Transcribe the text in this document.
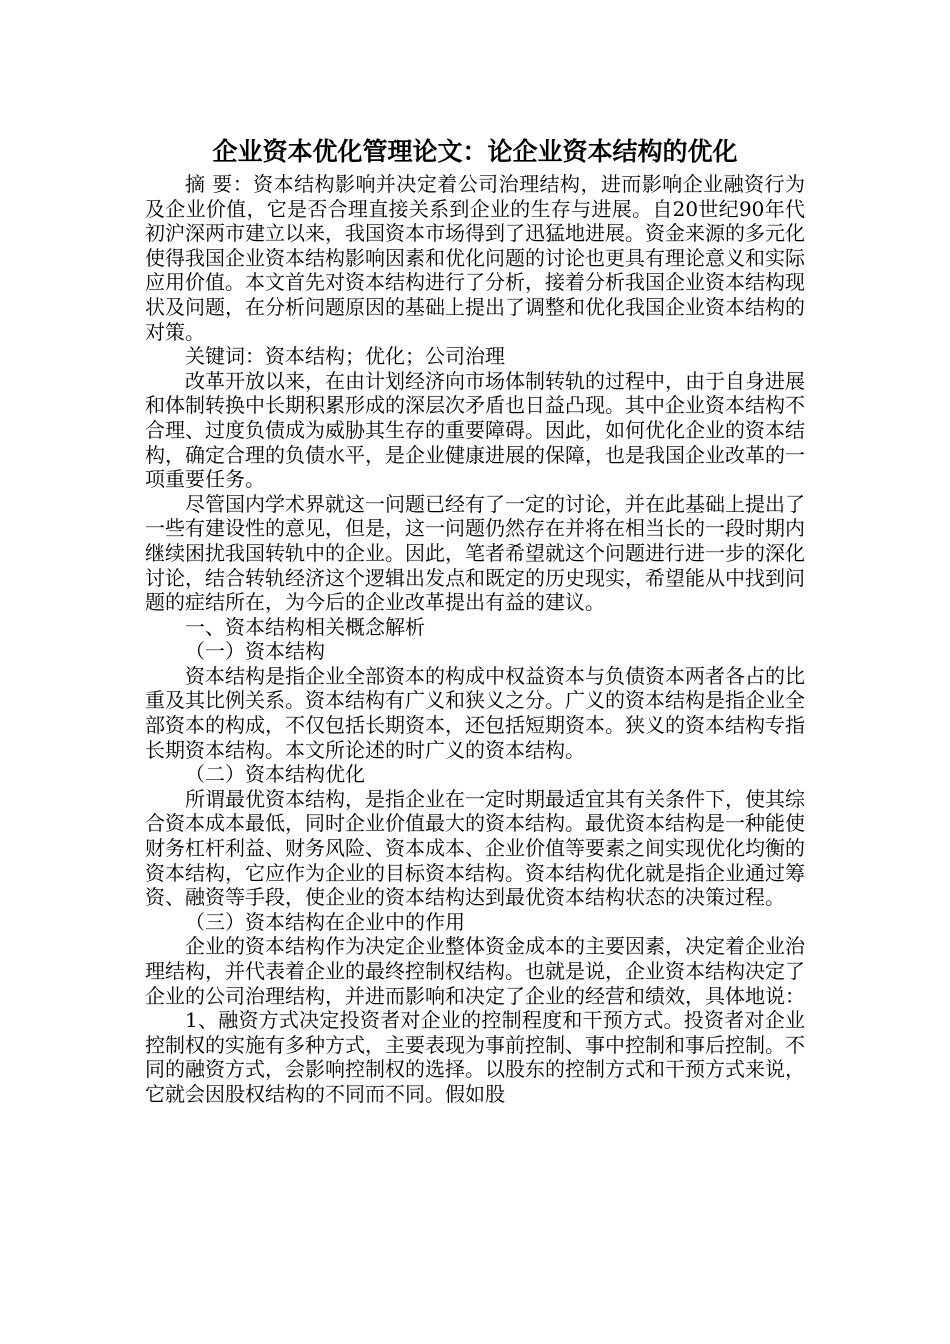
企业资本优化管理论文：论企业资本结构的优化

摘 要：资本结构影响并决定着公司治理结构，进而影响企业融资行为及企业价值，它是否合理直接关系到企业的生存与进展。自20世纪90年代初沪深两市建立以来，我国资本市场得到了迅猛地进展。资金来源的多元化使得我国企业资本结构影响因素和优化问题的讨论也更具有理论意义和实际应用价值。本文首先对资本结构进行了分析，接着分析我国企业资本结构现状及问题，在分析问题原因的基础上提出了调整和优化我国企业资本结构的对策。

关键词：资本结构；优化；公司治理

改革开放以来，在由计划经济向市场体制转轨的过程中，由于自身进展和体制转换中长期积累形成的深层次矛盾也日益凸现。其中企业资本结构不合理、过度负债成为威胁其生存的重要障碍。因此，如何优化企业的资本结构，确定合理的负债水平，是企业健康进展的保障，也是我国企业改革的一项重要任务。

尽管国内学术界就这一问题已经有了一定的讨论，并在此基础上提出了一些有建设性的意见，但是，这一问题仍然存在并将在相当长的一段时期内继续困扰我国转轨中的企业。因此，笔者希望就这个问题进行进一步的深化讨论，结合转轨经济这个逻辑出发点和既定的历史现实，希望能从中找到问题的症结所在，为今后的企业改革提出有益的建议。

一、资本结构相关概念解析

（一）资本结构

资本结构是指企业全部资本的构成中权益资本与负债资本两者各占的比重及其比例关系。资本结构有广义和狭义之分。广义的资本结构是指企业全部资本的构成，不仅包括长期资本，还包括短期资本。狭义的资本结构专指长期资本结构。本文所论述的时广义的资本结构。

（二）资本结构优化

所谓最优资本结构，是指企业在一定时期最适宜其有关条件下，使其综合资本成本最低，同时企业价值最大的资本结构。最优资本结构是一种能使财务杠杆利益、财务风险、资本成本、企业价值等要素之间实现优化均衡的资本结构，它应作为企业的目标资本结构。资本结构优化就是指企业通过筹资、融资等手段，使企业的资本结构达到最优资本结构状态的决策过程。

（三）资本结构在企业中的作用

企业的资本结构作为决定企业整体资金成本的主要因素，决定着企业治理结构，并代表着企业的最终控制权结构。也就是说，企业资本结构决定了企业的公司治理结构，并进而影响和决定了企业的经营和绩效，具体地说：

1、融资方式决定投资者对企业的控制程度和干预方式。投资者对企业控制权的实施有多种方式，主要表现为事前控制、事中控制和事后控制。不同的融资方式，会影响控制权的选择。以股东的控制方式和干预方式来说，它就会因股权结构的不同而不同。假如股
